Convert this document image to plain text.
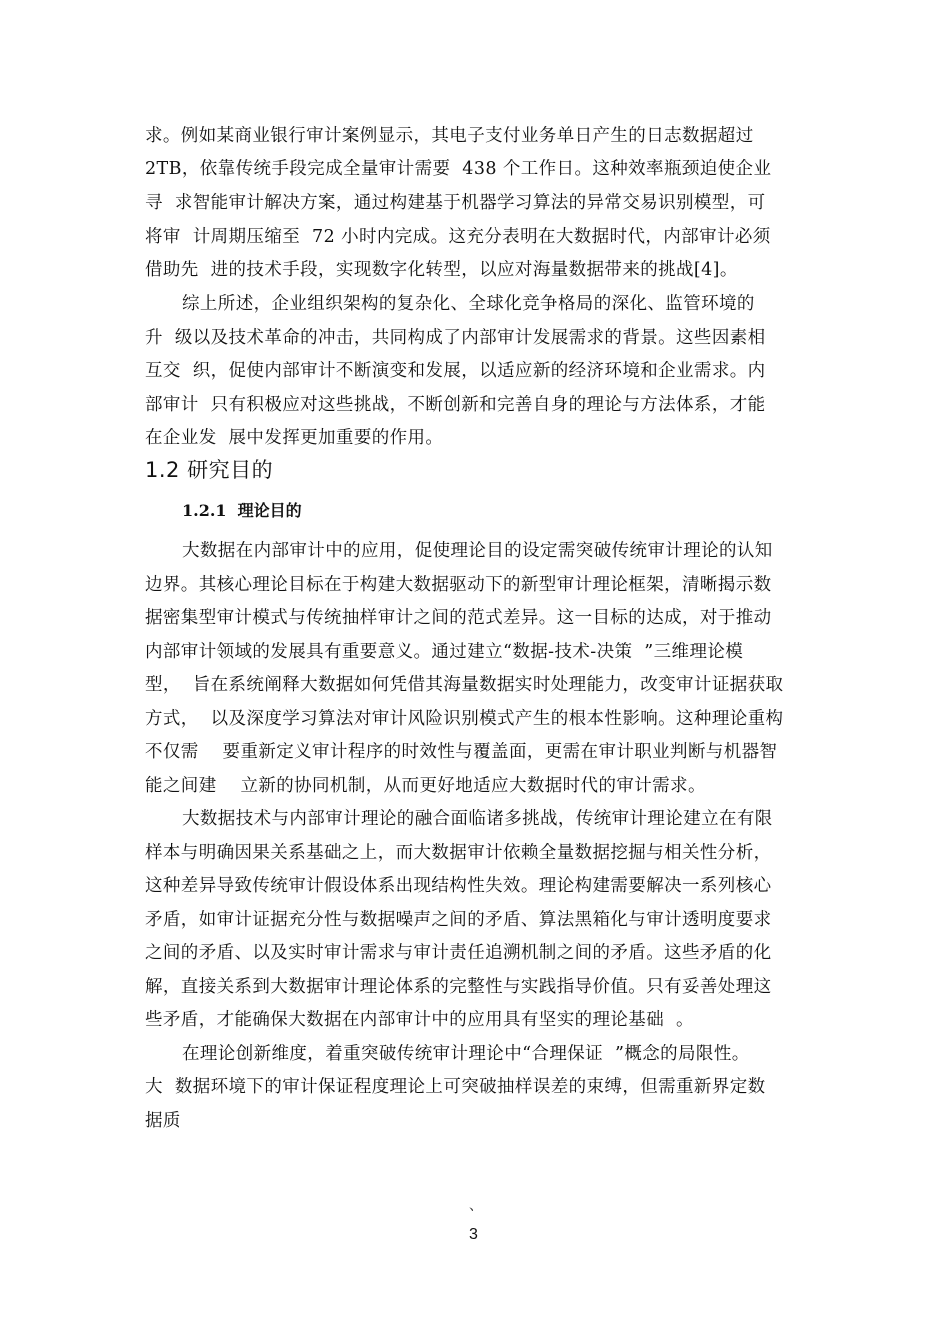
求。例如某商业银行审计案例显示，其电子支付业务单日产生的日志数据超过
2TB，依靠传统手段完成全量审计需要  438 个工作日。这种效率瓶颈迫使企业
寻  求智能审计解决方案，通过构建基于机器学习算法的异常交易识别模型，可
将审  计周期压缩至  72 小时内完成。这充分表明在大数据时代，内部审计必须
借助先  进的技术手段，实现数字化转型，以应对海量数据带来的挑战[4]。
综上所述，企业组织架构的复杂化、全球化竞争格局的深化、监管环境的
升  级以及技术革命的冲击，共同构成了内部审计发展需求的背景。这些因素相
互交  织，促使内部审计不断演变和发展，以适应新的经济环境和企业需求。内
部审计  只有积极应对这些挑战，不断创新和完善自身的理论与方法体系，才能
在企业发  展中发挥更加重要的作用。
1.2 研究目的
1.2.1  理论目的
大数据在内部审计中的应用，促使理论目的设定需突破传统审计理论的认知
边界。其核心理论目标在于构建大数据驱动下的新型审计理论框架，清晰揭示数
据密集型审计模式与传统抽样审计之间的范式差异。这一目标的达成，对于推动
内部审计领域的发展具有重要意义。通过建立“数据-技术-决策  ”三维理论模
型，  旨在系统阐释大数据如何凭借其海量数据实时处理能力，改变审计证据获取
方式，  以及深度学习算法对审计风险识别模式产生的根本性影响。这种理论重构
不仅需    要重新定义审计程序的时效性与覆盖面，更需在审计职业判断与机器智
能之间建    立新的协同机制，从而更好地适应大数据时代的审计需求。
大数据技术与内部审计理论的融合面临诸多挑战，传统审计理论建立在有限
样本与明确因果关系基础之上，而大数据审计依赖全量数据挖掘与相关性分析，
这种差异导致传统审计假设体系出现结构性失效。理论构建需要解决一系列核心
矛盾，如审计证据充分性与数据噪声之间的矛盾、算法黑箱化与审计透明度要求
之间的矛盾、以及实时审计需求与审计责任追溯机制之间的矛盾。这些矛盾的化
解，直接关系到大数据审计理论体系的完整性与实践指导价值。只有妥善处理这
些矛盾，才能确保大数据在内部审计中的应用具有坚实的理论基础  。
在理论创新维度，着重突破传统审计理论中“合理保证  ”概念的局限性。
大  数据环境下的审计保证程度理论上可突破抽样误差的束缚，但需重新界定数
据质
、
3
